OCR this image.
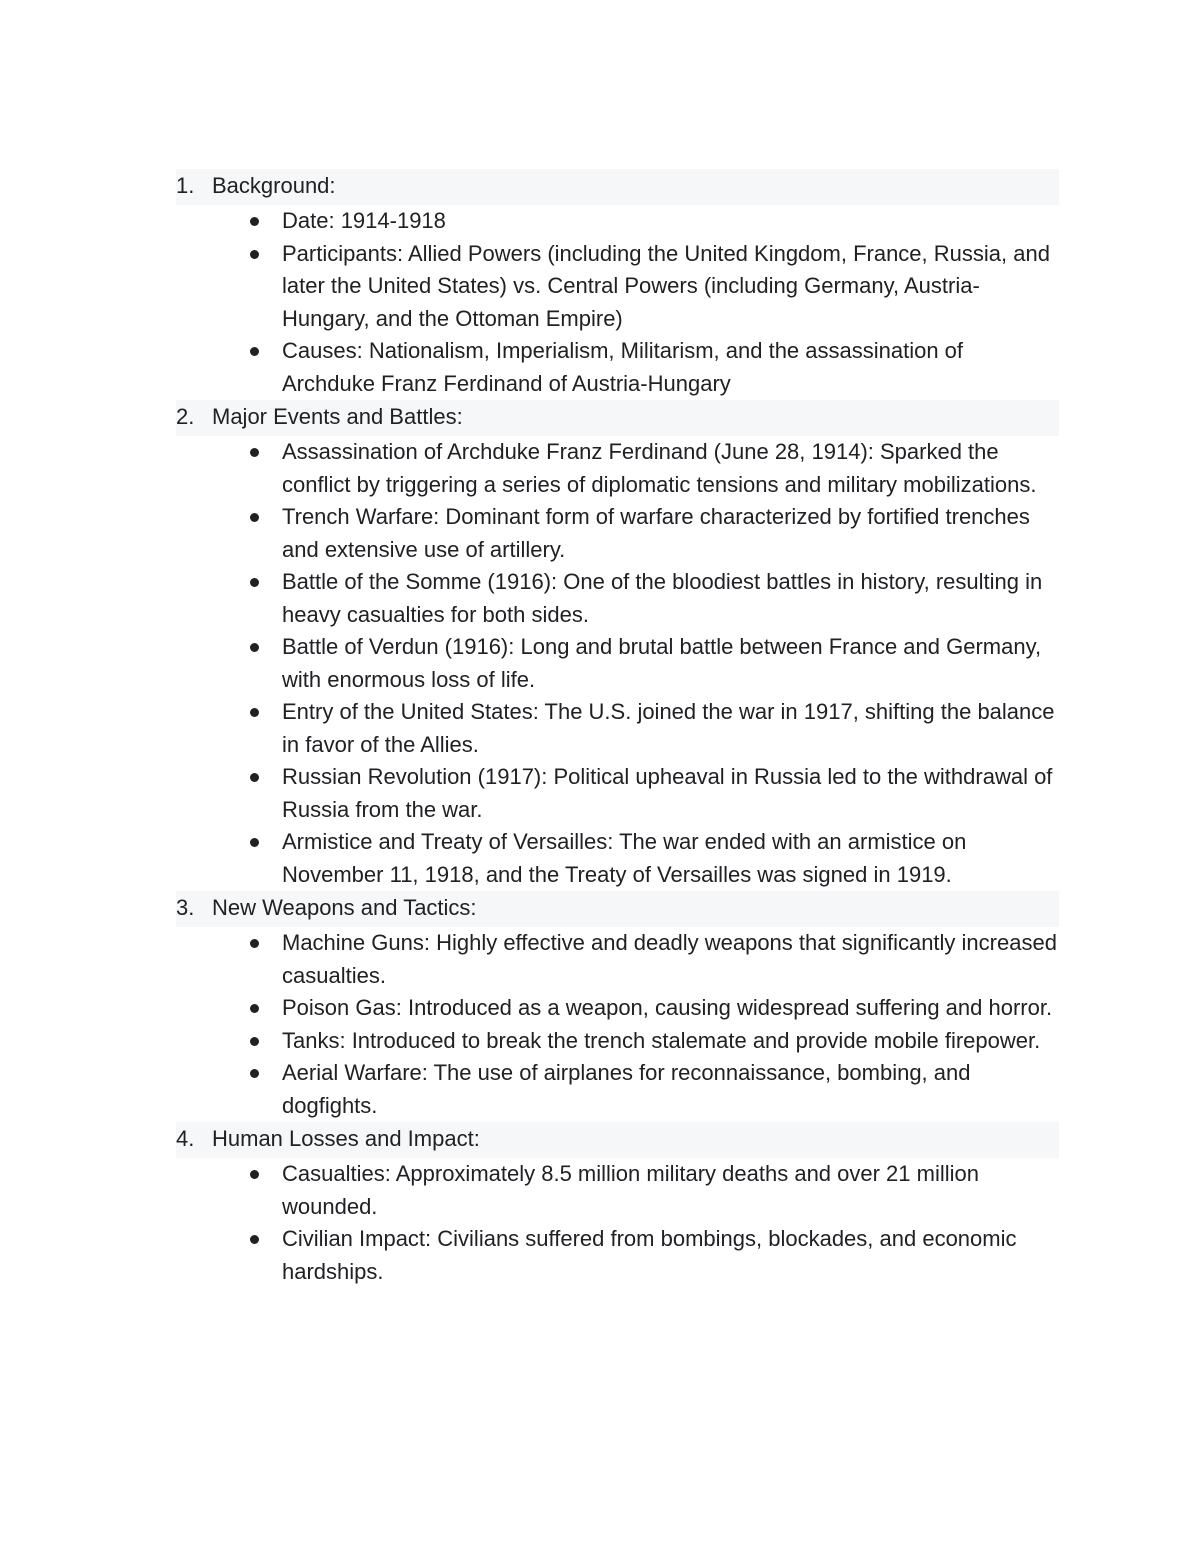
1. Background:
Date: 1914-1918
Participants: Allied Powers (including the United Kingdom, France, Russia, and later the United States) vs. Central Powers (including Germany, Austria-Hungary, and the Ottoman Empire)
Causes: Nationalism, Imperialism, Militarism, and the assassination of Archduke Franz Ferdinand of Austria-Hungary
2. Major Events and Battles:
Assassination of Archduke Franz Ferdinand (June 28, 1914): Sparked the conflict by triggering a series of diplomatic tensions and military mobilizations.
Trench Warfare: Dominant form of warfare characterized by fortified trenches and extensive use of artillery.
Battle of the Somme (1916): One of the bloodiest battles in history, resulting in heavy casualties for both sides.
Battle of Verdun (1916): Long and brutal battle between France and Germany, with enormous loss of life.
Entry of the United States: The U.S. joined the war in 1917, shifting the balance in favor of the Allies.
Russian Revolution (1917): Political upheaval in Russia led to the withdrawal of Russia from the war.
Armistice and Treaty of Versailles: The war ended with an armistice on November 11, 1918, and the Treaty of Versailles was signed in 1919.
3. New Weapons and Tactics:
Machine Guns: Highly effective and deadly weapons that significantly increased casualties.
Poison Gas: Introduced as a weapon, causing widespread suffering and horror.
Tanks: Introduced to break the trench stalemate and provide mobile firepower.
Aerial Warfare: The use of airplanes for reconnaissance, bombing, and dogfights.
4. Human Losses and Impact:
Casualties: Approximately 8.5 million military deaths and over 21 million wounded.
Civilian Impact: Civilians suffered from bombings, blockades, and economic hardships.
